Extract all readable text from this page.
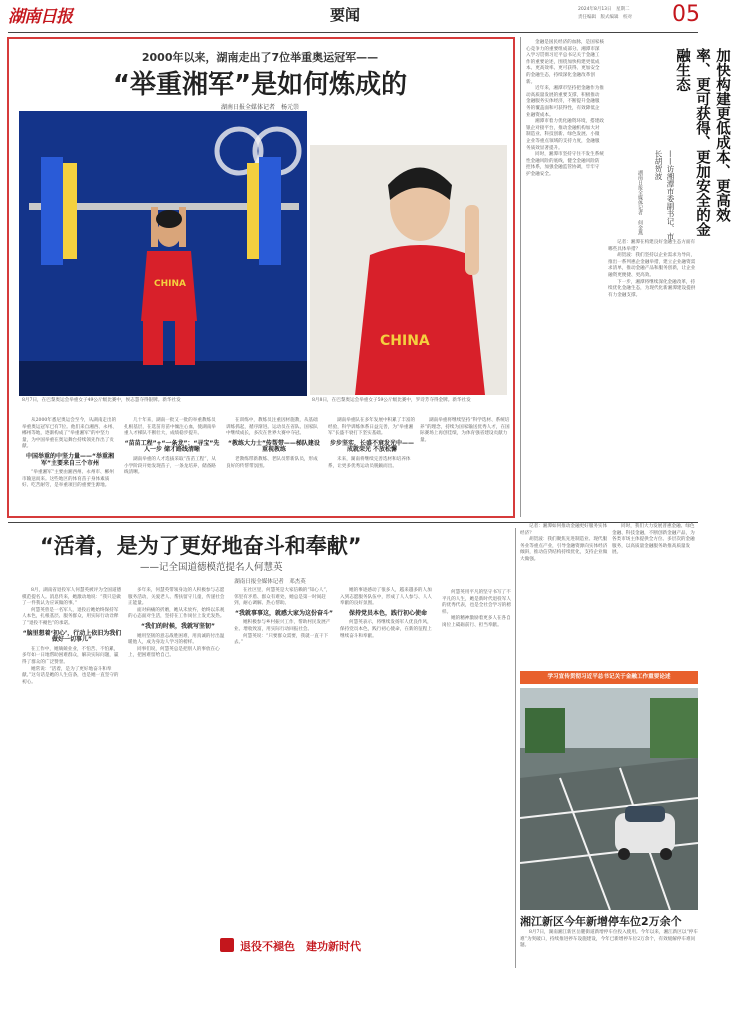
湖南日报	要闻	2024年8月13日　星期二
责任编辑　版式编辑　校对	05
2000年以来，湖南走出了7位举重奥运冠军——
“举重湘军”是如何炼成的
湖南日报全媒体记者　杨元崇
CHINA
8月7日，在巴黎奥运会举重女子49公斤级比赛中，侯志慧夺得银牌。新华社发
CHINA
8月8日，在巴黎奥运会举重女子59公斤级比赛中，罗诗芳夺得金牌。新华社发

从2000年悉尼奥运会至今，从湖南走出的举重奥运冠军已有7位。他们来自湘西、永州、郴州等地，逐渐构成了“举重湘军”的中坚力量，为中国举重在奥运舞台持续领先作出了贡献。

中国举重的中坚力量——“举重湘军”主要来自三个市州

“举重湘军”主要由湘西州、永州市、郴州市输送而来。这些地区的体育苗子身体素质好、吃苦耐劳，是举重项目的重要生源地。

几十年来，湖南一批又一批的举重教练员扎根基层，在选苗育苗中倾注心血，使湖南举重人才梯队不断壮大，成绩稳步提升。

“苗苗工程”+“一条龙”：“寻宝”先人一步 储才路线清晰

湖南举重的人才选拔采取“苗苗工程”，从小学阶段开始发现苗子，一条龙培养，储备路线清晰。

在训练中，教练员注重因材施教，从基础训练抓起，循序渐进。运动员在省队、国家队中继续成长，多次在世界大赛中夺冠。

“教练大力士”传帮带——梯队建设 重视教练

老教练带新教练、老队员带新队员，形成良好的传帮带氛围。

湖南举重队在多年发展中积累了丰富的经验，科学训练体系日益完善，为“举重湘军”长盛不衰打下坚实基础。

步步坚实，长盛不衰发光中——成就荣光 不放松懈

未来，湖南将继续完善选材和培养体系，让更多优秀运动员脱颖而出。

湖南举重将继续坚持“科学选材、系统培养”的理念，持续为国家输送优秀人才，在国际赛场上再创佳绩，为体育强省建设贡献力量。

金融是国民经济的血脉，是国家核心竞争力的重要组成部分。湘潭市深入学习贯彻习近平总书记关于金融工作的重要论述，围绕加快构建更低成本、更高效率、更可获得、更加安全的金融生态，持续深化金融改革创新。

近年来，湘潭市坚持把金融作为推动高质量发展的重要支撑，积极推动金融服务实体经济，不断提升金融服务的覆盖面和可获得性，有效降低企业融资成本。

湘潭市着力优化融资环境，搭建政银企对接平台，推动金融机构加大对制造业、科技创新、绿色发展、小微企业等重点领域的支持力度，金融服务质效显著提升。

同时，湘潭市坚持守住不发生系统性金融风险的底线，健全金融风险防控体系，加强金融监管协调，牢牢守护金融安全。

记者：湘潭在构建良好金融生态方面有哪些具体举措？

胡贺波：我们坚持以企业需求为导向，推出一系列惠企金融举措，建立企业融资需求清单，推动金融产品和服务创新，让企业融资更便捷、更高效。

下一步，湘潭将继续深化金融改革，持续优化金融生态，为现代化新湘潭建设提供有力金融支撑。

加快构建更低成本、更高效率、更可获得、更加安全的金融生态
——访湘潭市委副书记、市长胡贺波
湖南日报全媒体记者　何金燕
“活着，是为了更好地奋斗和奉献”
——记全国道德模范提名人何慧英
湖南日报全媒体记者　邓杰英

8月，湖南省退役军人何慧英被评为全国道德模范提名人。消息传来，她激动地说：“我只是做了一件我认为应该做的事。”

何慧英曾是一名军人，退役后她始终保持军人本色，扎根基层、服务群众，用实际行动诠释了“退役不褪色”的承诺。

“脑里想着‘初心’，行动上依旧为我们做好一切事儿”

在工作中，她兢兢业业，不怕苦、不怕累，多年如一日地帮助困难群众，解决实际问题，赢得了群众的广泛赞誉。

她常说：“活着，是为了更好地奋斗和奉献。”这句话是她的人生信条，也是她一直坚守的初心。

多年来，何慧英带领身边的人积极参与志愿服务活动，关爱老人、帮扶留守儿童，传递社会正能量。

面对病痛的折磨，她从未放弃，始终以乐观的心态面对生活，坚持在工作岗位上发光发热。

“我们的时候，我就写坚韧”

她用坚韧的意志战胜困难，用真诚的付出温暖他人，成为身边人学习的榜样。

同事们说，何慧英总是把别人的事放在心上，把困难留给自己。

在社区里，何慧英是大家信赖的“知心人”，邻里有矛盾、群众有难处，她总是第一时间赶到，耐心调解、热心帮助。

“我就事事这，就感大家为这份奋斗”

她积极参与乡村振兴工作，帮助村民发展产业、增收致富，用实际行动回报社会。

何慧英说：“只要群众需要，我就一直干下去。”

她的事迹感动了很多人，越来越多的人加入到志愿服务队伍中，形成了人人参与、人人奉献的良好氛围。

保持党员本色，践行初心使命

何慧英表示，将继续发扬军人优良作风，保持党员本色，践行初心使命，在新的征程上继续奋斗和奉献。

何慧英用平凡的坚守书写了不平凡的人生，她是新时代退役军人的优秀代表，也是全社会学习的榜样。

她的精神激励着更多人在各自岗位上砥砺前行、担当奉献。

退役不褪色　建功新时代

记者：湘潭如何推动金融更好服务实体经济？

胡贺波：我们聚焦先进制造业、现代服务业等重点产业，引导金融资源向实体经济倾斜，推动信贷结构持续优化，支持企业做大做强。

同时，我们大力发展普惠金融、绿色金融、科技金融，不断创新金融产品，为各类市场主体提供全方位、多层次的金融服务，以高质量金融服务助推高质量发展。

学习宣传贯彻习近平总书记关于金融工作重要论述
湘江新区今年新增停车位2万余个

8月7日，湖南湘江新区岳麓街道新增停车位投入使用。今年以来，湘江新区以“停车难”为突破口，持续推进停车设施建设，今年已新增停车位2万余个，有效缓解停车难问题。
